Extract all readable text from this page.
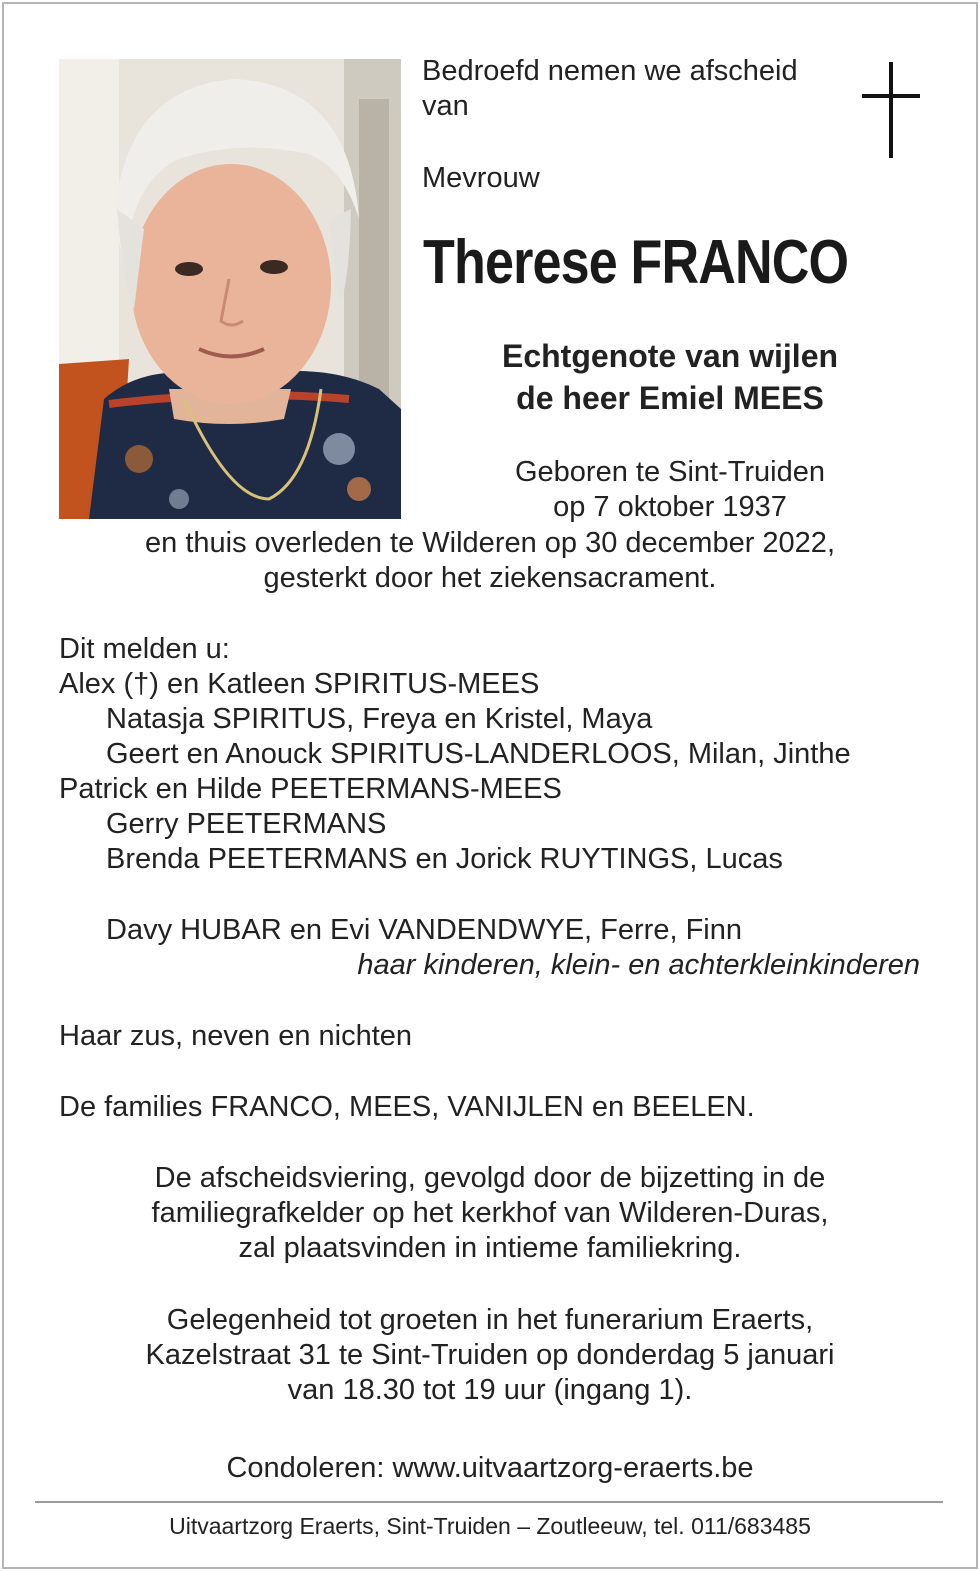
Bedroefd nemen we afscheid
van
Mevrouw
Therese FRANCO
Echtgenote van wijlen
de heer Emiel MEES
Geboren te Sint-Truiden
op 7 oktober 1937
en thuis overleden te Wilderen op 30 december 2022,
gesterkt door het ziekensacrament.
Dit melden u:
Alex (†) en Katleen SPIRITUS-MEES
Natasja SPIRITUS, Freya en Kristel, Maya
Geert en Anouck SPIRITUS-LANDERLOOS, Milan, Jinthe
Patrick en Hilde PEETERMANS-MEES
Gerry PEETERMANS
Brenda PEETERMANS en Jorick RUYTINGS, Lucas
Davy HUBAR en Evi VANDENDWYE, Ferre, Finn
haar kinderen, klein- en achterkleinkinderen
Haar zus, neven en nichten
De families FRANCO, MEES, VANIJLEN en BEELEN.
De afscheidsviering, gevolgd door de bijzetting in de
familiegrafkelder op het kerkhof van Wilderen-Duras,
zal plaatsvinden in intieme familiekring.
Gelegenheid tot groeten in het funerarium Eraerts,
Kazelstraat 31 te Sint-Truiden op donderdag 5 januari
van 18.30 tot 19 uur (ingang 1).
Condoleren: www.uitvaartzorg-eraerts.be
Uitvaartzorg Eraerts, Sint-Truiden – Zoutleeuw, tel. 011/683485
